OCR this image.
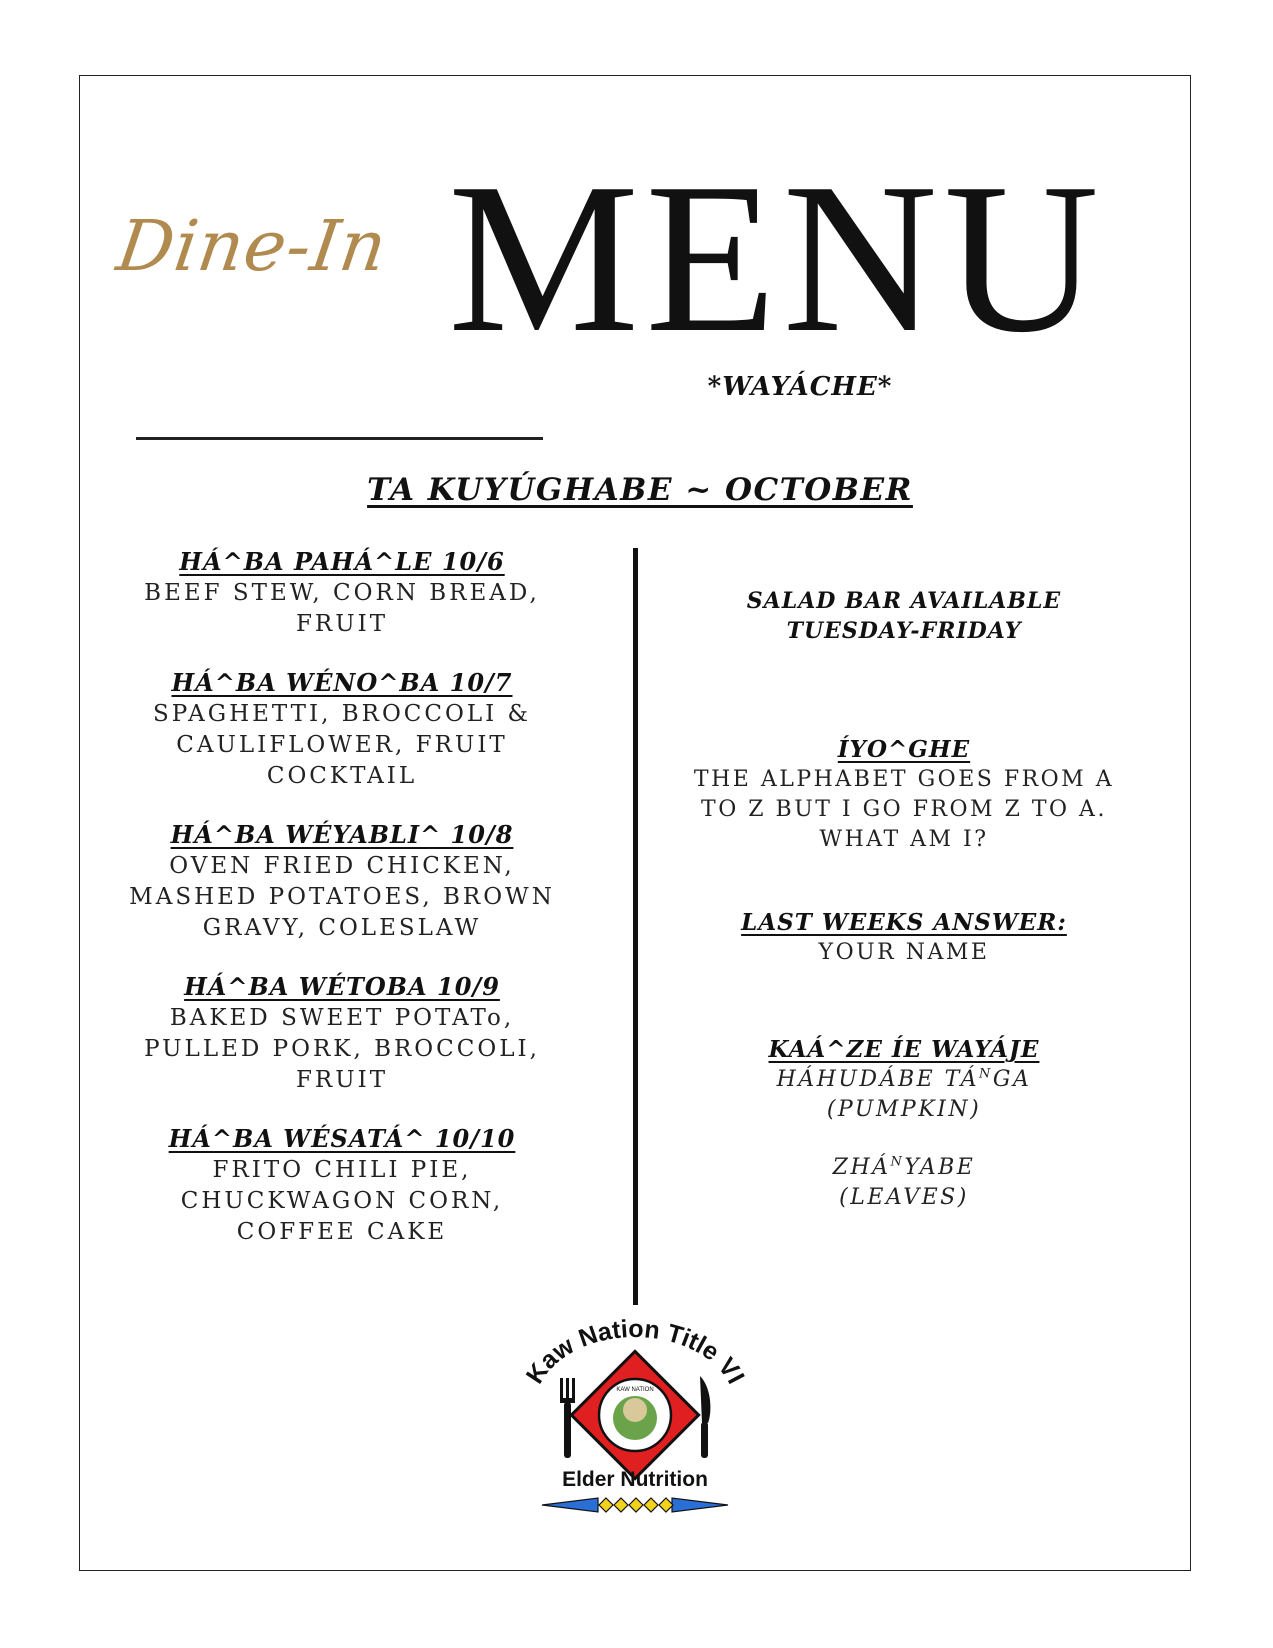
Dine-In MENU
*WAYÁCHE*
TA KUYÚGHABE ~ OCTOBER
HÁ^BA PAHÁ^LE 10/6
BEEF STEW, CORN BREAD,
FRUIT
HÁ^BA WÉNO^BA 10/7
SPAGHETTI, BROCCOLI &
CAULIFLOWER, FRUIT
COCKTAIL
HÁ^BA WÉYABLI^ 10/8
OVEN FRIED CHICKEN,
MASHED POTATOES, BROWN
GRAVY, COLESLAW
HÁ^BA WÉTOBA 10/9
BAKED SWEET POTATo,
PULLED PORK, BROCCOLI,
FRUIT
HÁ^BA WÉSATÁ^ 10/10
FRITO CHILI PIE,
CHUCKWAGON CORN,
COFFEE CAKE
SALAD BAR AVAILABLE
TUESDAY-FRIDAY
ÍYO^GHE
THE ALPHABET GOES FROM A
TO Z BUT I GO FROM Z TO A.
WHAT AM I?
LAST WEEKS ANSWER:
YOUR NAME
KAÁ^ZE ÍE WAYÁJE
HÁHUDÁBE $TÁ^NGA$
(PUMPKIN)
$ZHÁ^NYABE$
(LEAVES)
Kaw Nation Title VI
KAW NATION
Elder Nutrition
